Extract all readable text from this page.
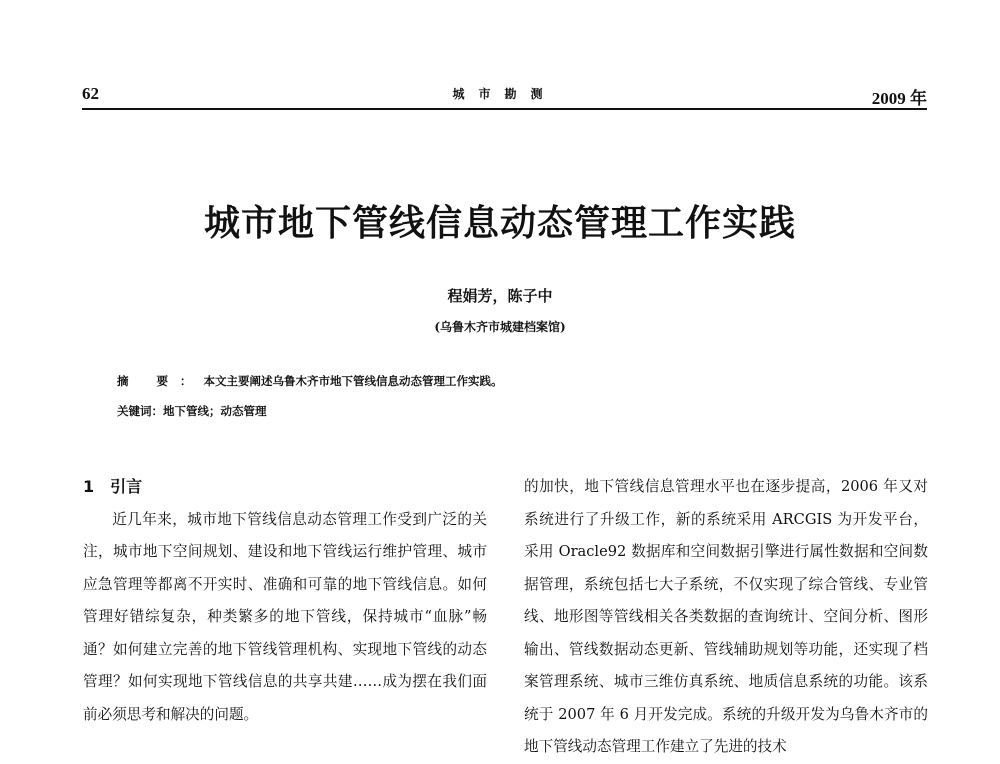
62	城市勘测	2009 年
城市地下管线信息动态管理工作实践
程娟芳，陈子中
(乌鲁木齐市城建档案馆)
摘 要：本文主要阐述乌鲁木齐市地下管线信息动态管理工作实践。
关键词：地下管线；动态管理
1 引言

近几年来，城市地下管线信息动态管理工作受到广泛的关注，城市地下空间规划、建设和地下管线运行维护管理、城市应急管理等都离不开实时、准确和可靠的地下管线信息。如何管理好错综复杂，种类繁多的地下管线，保持城市“血脉”畅通？如何建立完善的地下管线管理机构、实现地下管线的动态管理？如何实现地下管线信息的共享共建……成为摆在我们面前必须思考和解决的问题。

的加快，地下管线信息管理水平也在逐步提高，2006 年又对系统进行了升级工作，新的系统采用 ARCGIS 为开发平台，采用 Oracle92 数据库和空间数据引擎进行属性数据和空间数据管理，系统包括七大子系统，不仅实现了综合管线、专业管线、地形图等管线相关各类数据的查询统计、空间分析、图形输出、管线数据动态更新、管线辅助规划等功能，还实现了档案管理系统、城市三维仿真系统、地质信息系统的功能。该系统于 2007 年 6 月开发完成。系统的升级开发为乌鲁木齐市的地下管线动态管理工作建立了先进的技术
